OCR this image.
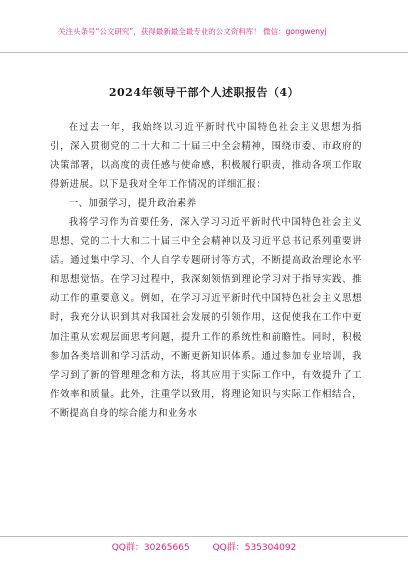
关注头条号“公文研究”，获得最新最全最专业的公文资料库！ 微信：gongwenyj
2024年领导干部个人述职报告（4）

在过去一年，我始终以习近平新时代中国特色社会主义思想为指引，深入贯彻党的二十大和二十届三中全会精神，围绕市委、市政府的决策部署，以高度的责任感与使命感，积极履行职责，推动各项工作取得新进展。以下是我对全年工作情况的详细汇报：

一、加强学习，提升政治素养

我将学习作为首要任务，深入学习习近平新时代中国特色社会主义思想、党的二十大和二十届三中全会精神以及习近平总书记系列重要讲话。通过集中学习、个人自学专题研讨等方式，不断提高政治理论水平和思想觉悟。在学习过程中，我深刻领悟到理论学习对于指导实践、推动工作的重要意义。例如，在学习习近平新时代中国特色社会主义思想时，我充分认识到其对我国社会发展的引领作用，这促使我在工作中更加注重从宏观层面思考问题，提升工作的系统性和前瞻性。同时，积极参加各类培训和学习活动，不断更新知识体系。通过参加专业培训，我学习到了新的管理理念和方法，将其应用于实际工作中，有效提升了工作效率和质量。此外，注重学以致用，将理论知识与实际工作相结合，不断提高自身的综合能力和业务水

QQ群：30265665	QQ群：535304092
